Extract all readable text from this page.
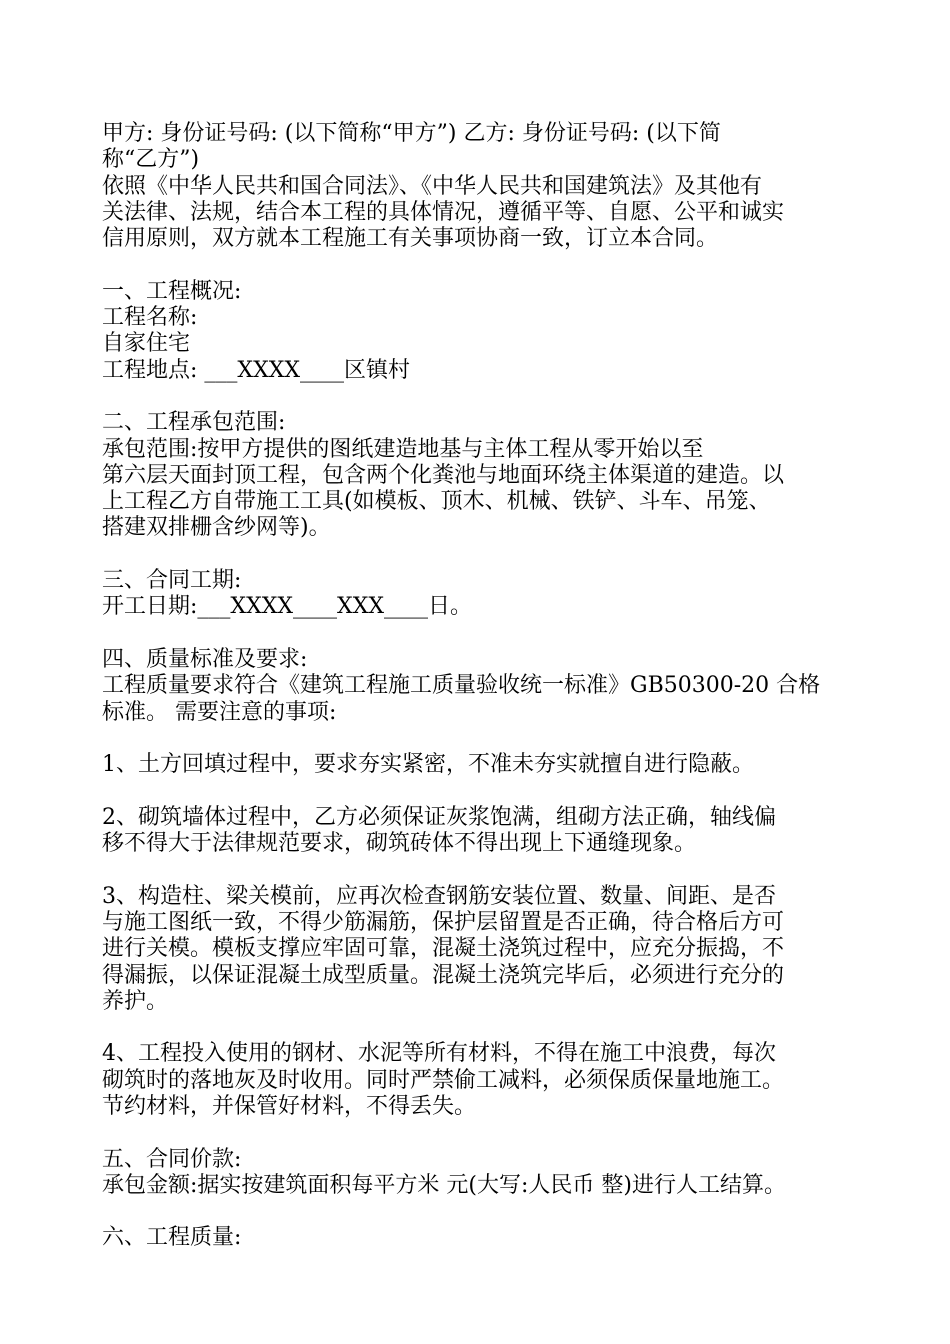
甲方: 身份证号码: (以下简称“甲方”) 乙方: 身份证号码: (以下简
称“乙方”)
依照《中华人民共和国合同法》、《中华人民共和国建筑法》及其他有
关法律、法规，结合本工程的具体情况，遵循平等、自愿、公平和诚实
信用原则，双方就本工程施工有关事项协商一致，订立本合同。
一、工程概况:
工程名称:
自家住宅
工程地点: ___XXXX____区镇村
二、工程承包范围:
承包范围:按甲方提供的图纸建造地基与主体工程从零开始以至
第六层天面封顶工程，包含两个化粪池与地面环绕主体渠道的建造。以
上工程乙方自带施工工具(如模板、顶木、机械、铁铲、斗车、吊笼、
搭建双排栅含纱网等)。
三、合同工期:
开工日期:___XXXX____XXX____日。
四、质量标准及要求:
工程质量要求符合《建筑工程施工质量验收统一标准》GB50300-20 合格
标准。 需要注意的事项:
1、土方回填过程中，要求夯实紧密，不准未夯实就擅自进行隐蔽。
2、砌筑墙体过程中，乙方必须保证灰浆饱满，组砌方法正确，轴线偏
移不得大于法律规范要求，砌筑砖体不得出现上下通缝现象。
3、构造柱、梁关模前，应再次检查钢筋安装位置、数量、间距、是否
与施工图纸一致，不得少筋漏筋，保护层留置是否正确，待合格后方可
进行关模。模板支撑应牢固可靠，混凝土浇筑过程中，应充分振捣，不
得漏振，以保证混凝土成型质量。混凝土浇筑完毕后，必须进行充分的
养护。
4、工程投入使用的钢材、水泥等所有材料，不得在施工中浪费，每次
砌筑时的落地灰及时收用。同时严禁偷工减料，必须保质保量地施工。
节约材料，并保管好材料，不得丢失。
五、合同价款:
承包金额:据实按建筑面积每平方米 元(大写:人民币 整)进行人工结算。
六、工程质量:
